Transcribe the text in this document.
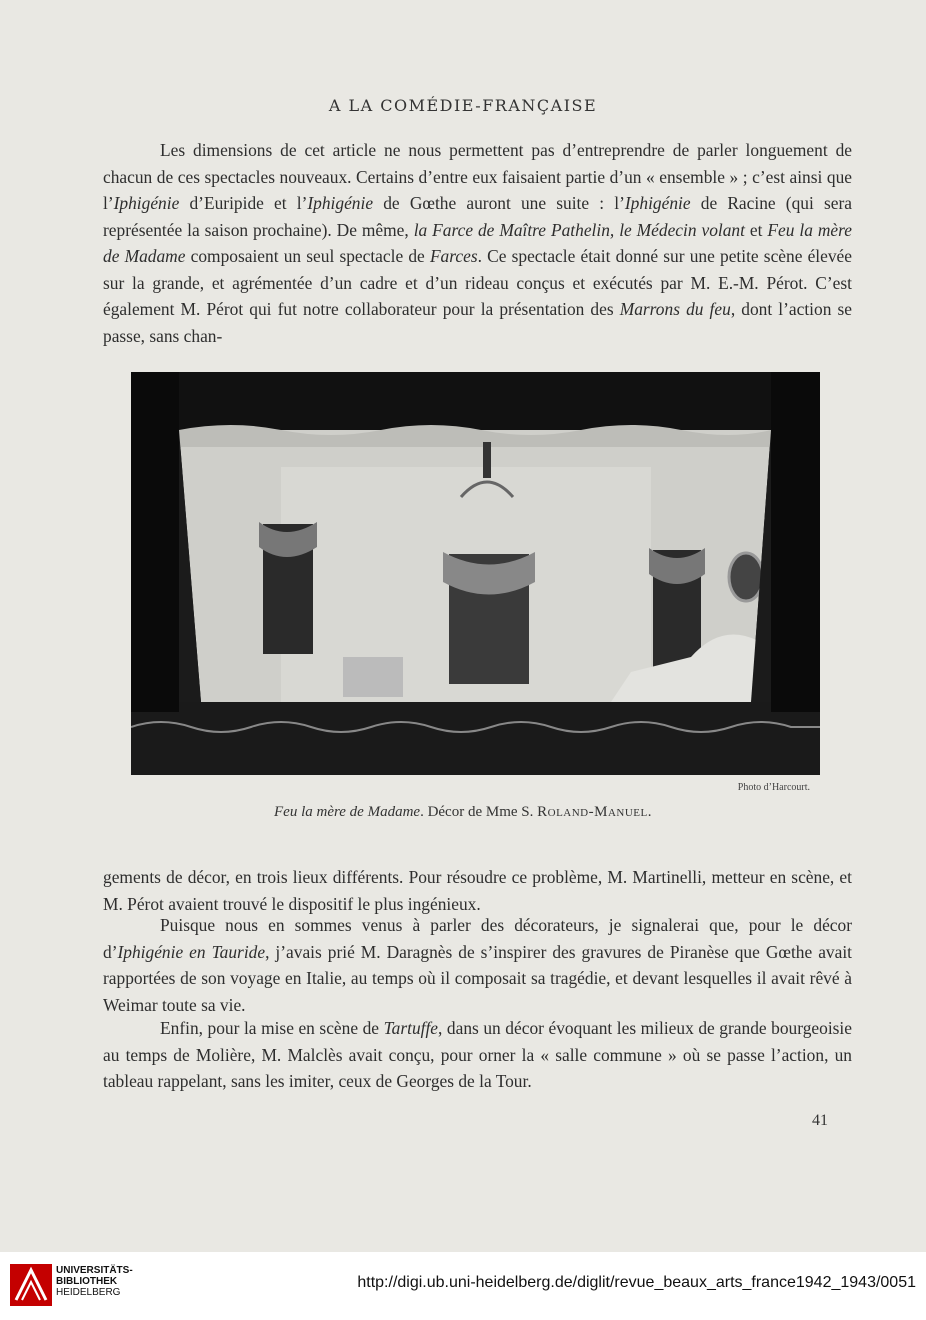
A LA COMÉDIE-FRANÇAISE

Les dimensions de cet article ne nous permettent pas d’entreprendre de parler longuement de chacun de ces spectacles nouveaux. Certains d’entre eux faisaient partie d’un « ensemble » ; c’est ainsi que l’Iphigénie d’Euripide et l’Iphigénie de Gœthe auront une suite : l’Iphigénie de Racine (qui sera représentée la saison prochaine). De même, la Farce de Maître Pathelin, le Médecin volant et Feu la mère de Madame composaient un seul spectacle de Farces. Ce spectacle était donné sur une petite scène élevée sur la grande, et agrémentée d’un cadre et d’un rideau conçus et exécutés par M. E.-M. Pérot. C’est également M. Pérot qui fut notre collaborateur pour la présentation des Marrons du feu, dont l’action se passe, sans chan-

Photo d’Harcourt.
Feu la mère de Madame. Décor de Mme S. Roland-Manuel.

gements de décor, en trois lieux différents. Pour résoudre ce problème, M. Martinelli, metteur en scène, et M. Pérot avaient trouvé le dispositif le plus ingénieux.

Puisque nous en sommes venus à parler des décorateurs, je signalerai que, pour le décor d’Iphigénie en Tauride, j’avais prié M. Daragnès de s’inspirer des gravures de Piranèse que Gœthe avait rapportées de son voyage en Italie, au temps où il composait sa tragédie, et devant lesquelles il avait rêvé à Weimar toute sa vie.

Enfin, pour la mise en scène de Tartuffe, dans un décor évoquant les milieux de grande bourgeoisie au temps de Molière, M. Malclès avait conçu, pour orner la « salle commune » où se passe l’action, un tableau rappelant, sans les imiter, ceux de Georges de la Tour.

41
UNIVERSITÄTS-
BIBLIOTHEK
HEIDELBERG
http://digi.ub.uni-heidelberg.de/diglit/revue_beaux_arts_france1942_1943/0051
